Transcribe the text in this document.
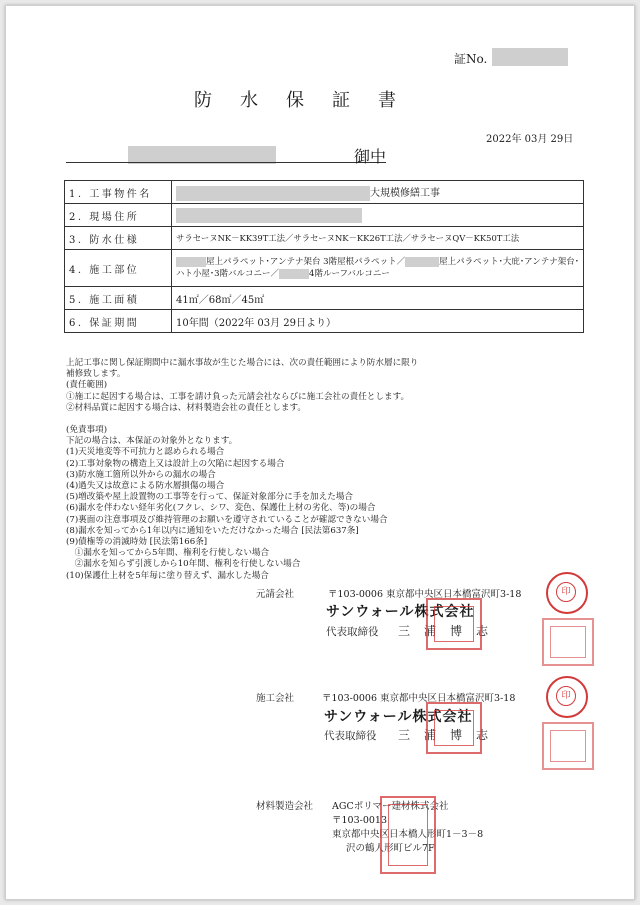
証No.
防水保証書
2022年 03月 29日
御中
1. 工事物件名	大規模修繕工事
2. 現場住所	
3. 防水仕様	サラセーヌNK－KK39T工法／サラセーヌNK－KK26T工法／サラセーヌQV－KK50T工法
4. 施工部位	屋上パラペット･アンテナ架台 3階屋根パラペット／ 屋上パラペット･大庇･アンテナ架台･
ハト小屋･3階バルコニー／ 4階ルーフバルコニー

5. 施工面積	41㎡／68㎡／45㎡
6. 保証期間	10年間（2022年 03月 29日より）
上記工事に関し保証期間中に漏水事故が生じた場合には、次の責任範囲により防水層に限り
補修致します。
(責任範囲)
①施工に起因する場合は、工事を請け負った元請会社ならびに施工会社の責任とします。
②材料品質に起因する場合は、材料製造会社の責任とします。
(免責事項)
下記の場合は、本保証の対象外となります。
(1)天災地変等不可抗力と認められる場合
(2)工事対象物の構造上又は設計上の欠陥に起因する場合
(3)防水施工箇所以外からの漏水の場合
(4)過失又は故意による防水層損傷の場合
(5)増改築や屋上設置物の工事等を行って、保証対象部分に手を加えた場合
(6)漏水を伴わない経年劣化(フクレ、シワ、変色、保護仕上材の劣化、等)の場合
(7)裏面の注意事項及び維持管理のお願いを遵守されていることが確認できない場合
(8)漏水を知ってから1年以内に通知をいただけなかった場合 [民法第637条]
(9)債権等の消滅時効 [民法第166条]
　①漏水を知ってから5年間、権利を行使しない場合
　②漏水を知らず引渡しから10年間、権利を行使しない場合
(10)保護仕上材を5年毎に塗り替えず、漏水した場合
元請会社	〒103-0006 東京都中央区日本橋富沢町3-18
サンウォール株式会社
代表取締役 三浦博志
印
施工会社	〒103-0006 東京都中央区日本橋富沢町3-18
サンウォール株式会社
代表取締役 三浦博志
印
材料製造会社 AGCポリマー建材株式会社
〒103-0013
東京都中央区日本橋人形町1－3－8
沢の鶴人形町ビル7F
